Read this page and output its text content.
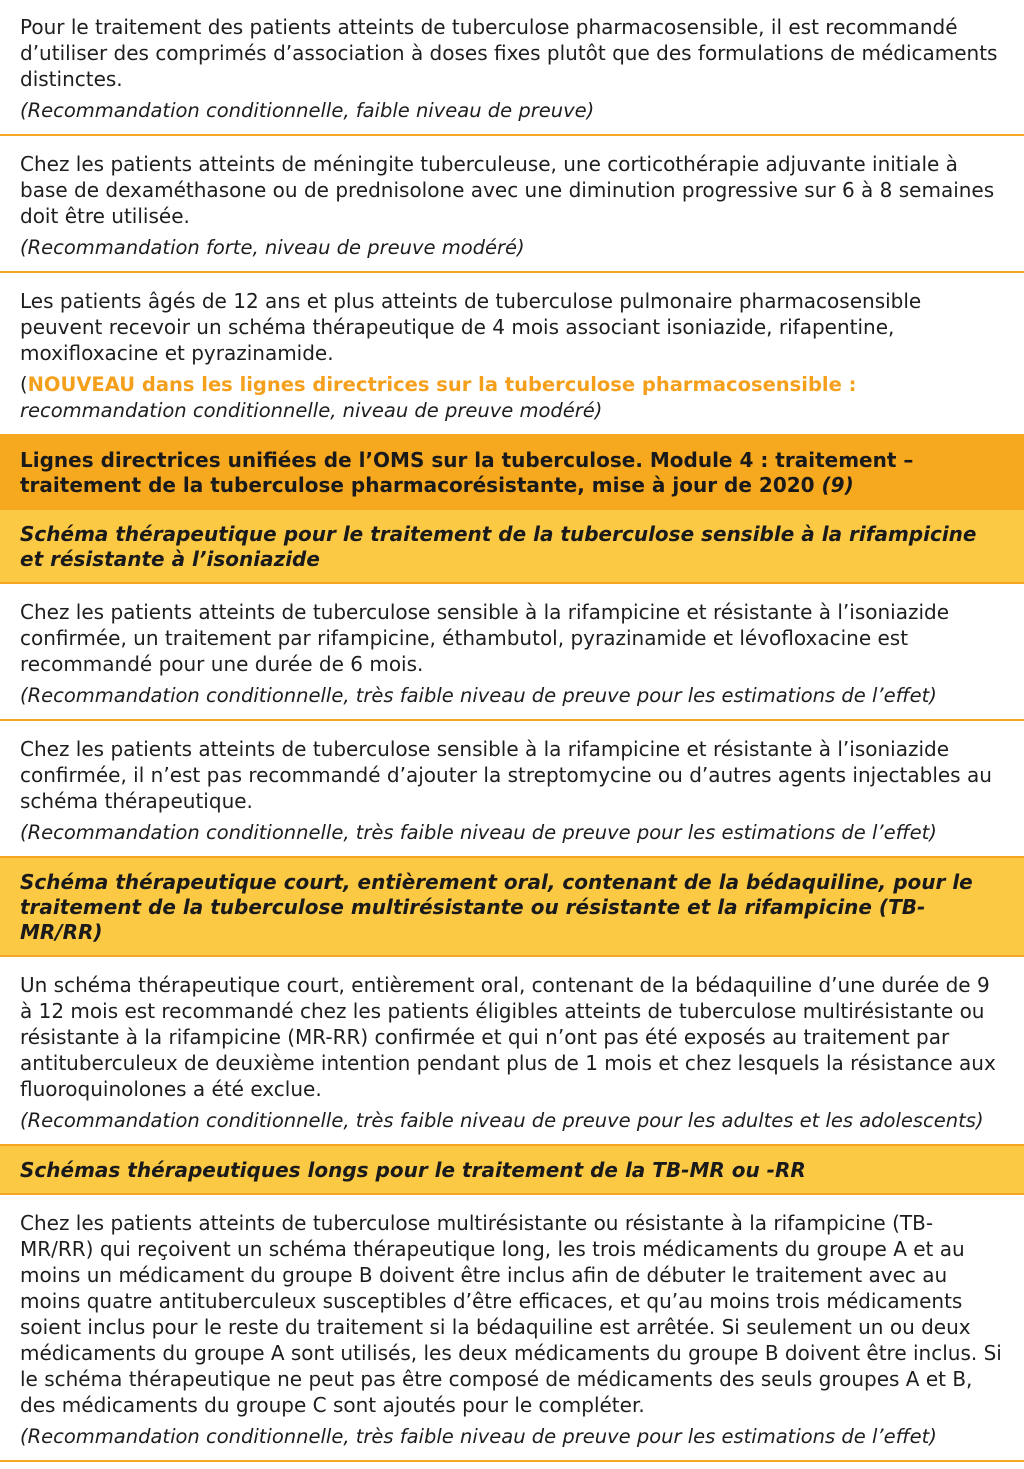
Pour le traitement des patients atteints de tuberculose pharmacosensible, il est recommandé d’utiliser des comprimés d’association à doses fixes plutôt que des formulations de médicaments distinctes.

(Recommandation conditionnelle, faible niveau de preuve)

Chez les patients atteints de méningite tuberculeuse, une corticothérapie adjuvante initiale à base de dexaméthasone ou de prednisolone avec une diminution progressive sur 6 à 8 semaines doit être utilisée.

(Recommandation forte, niveau de preuve modéré)

Les patients âgés de 12 ans et plus atteints de tuberculose pulmonaire pharmacosensible peuvent recevoir un schéma thérapeutique de 4 mois associant isoniazide, rifapentine, moxifloxacine et pyrazinamide.

(NOUVEAU dans les lignes directrices sur la tuberculose pharmacosensible :
recommandation conditionnelle, niveau de preuve modéré)

Lignes directrices unifiées de l’OMS sur la tuberculose. Module 4 : traitement – traitement de la tuberculose pharmacorésistante, mise à jour de 2020 (9)

Schéma thérapeutique pour le traitement de la tuberculose sensible à la rifampicine et résistante à l’isoniazide

Chez les patients atteints de tuberculose sensible à la rifampicine et résistante à l’isoniazide confirmée, un traitement par rifampicine, éthambutol, pyrazinamide et lévofloxacine est recommandé pour une durée de 6 mois.

(Recommandation conditionnelle, très faible niveau de preuve pour les estimations de l’effet)

Chez les patients atteints de tuberculose sensible à la rifampicine et résistante à l’isoniazide confirmée, il n’est pas recommandé d’ajouter la streptomycine ou d’autres agents injectables au schéma thérapeutique.

(Recommandation conditionnelle, très faible niveau de preuve pour les estimations de l’effet)

Schéma thérapeutique court, entièrement oral, contenant de la bédaquiline, pour le traitement de la tuberculose multirésistante ou résistante et la rifampicine (TB-MR/RR)

Un schéma thérapeutique court, entièrement oral, contenant de la bédaquiline d’une durée de 9 à 12 mois est recommandé chez les patients éligibles atteints de tuberculose multirésistante ou résistante à la rifampicine (MR-RR) confirmée et qui n’ont pas été exposés au traitement par antituberculeux de deuxième intention pendant plus de 1 mois et chez lesquels la résistance aux fluoroquinolones a été exclue.

(Recommandation conditionnelle, très faible niveau de preuve pour les adultes et les adolescents)

Schémas thérapeutiques longs pour le traitement de la TB-MR ou -RR

Chez les patients atteints de tuberculose multirésistante ou résistante à la rifampicine (TB-MR/RR) qui reçoivent un schéma thérapeutique long, les trois médicaments du groupe A et au moins un médicament du groupe B doivent être inclus afin de débuter le traitement avec au moins quatre antituberculeux susceptibles d’être efficaces, et qu’au moins trois médicaments soient inclus pour le reste du traitement si la bédaquiline est arrêtée. Si seulement un ou deux médicaments du groupe A sont utilisés, les deux médicaments du groupe B doivent être inclus. Si le schéma thérapeutique ne peut pas être composé de médicaments des seuls groupes A et B, des médicaments du groupe C sont ajoutés pour le compléter.

(Recommandation conditionnelle, très faible niveau de preuve pour les estimations de l’effet)
